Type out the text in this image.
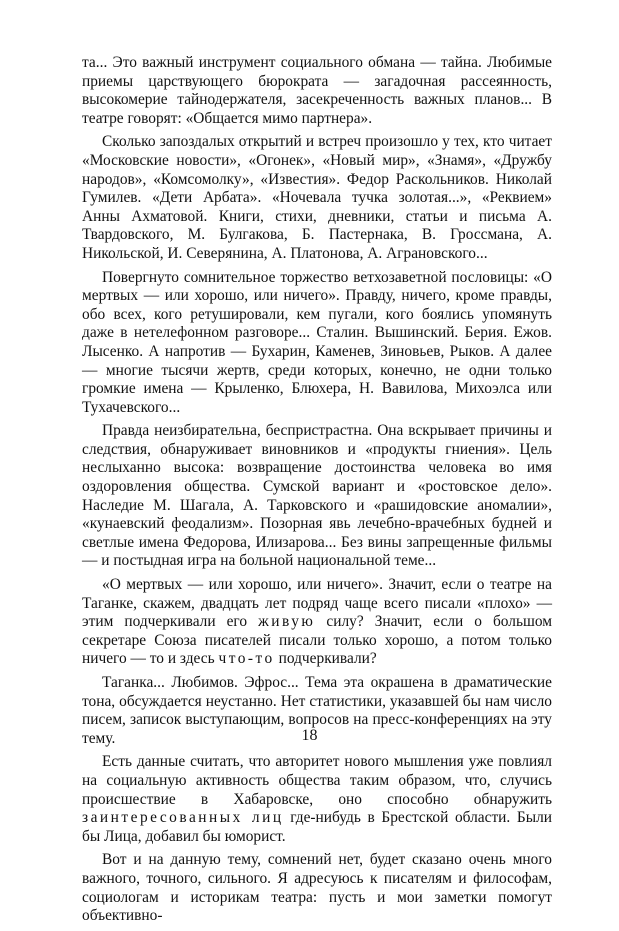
та... Это важный инструмент социального обмана — тайна. Любимые приемы царствующего бюрократа — загадочная рассеянность, высокомерие тайнодержателя, засекреченность важных планов... В театре говорят: «Общается мимо партнера».

Сколько запоздалых открытий и встреч произошло у тех, кто читает «Московские новости», «Огонек», «Новый мир», «Знамя», «Дружбу народов», «Комсомолку», «Известия». Федор Раскольников. Николай Гумилев. «Дети Арбата». «Ночевала тучка золотая...», «Реквием» Анны Ахматовой. Книги, стихи, дневники, статьи и письма А. Твардовского, М. Булгакова, Б. Пастернака, В. Гроссмана, А. Никольской, И. Северянина, А. Платонова, А. Аграновского...

Повергнуто сомнительное торжество ветхозаветной пословицы: «О мертвых — или хорошо, или ничего». Правду, ничего, кроме правды, обо всех, кого ретушировали, кем пугали, кого боялись упомянуть даже в нетелефонном разговоре... Сталин. Вышинский. Берия. Ежов. Лысенко. А напротив — Бухарин, Каменев, Зиновьев, Рыков. А далее — многие тысячи жертв, среди которых, конечно, не одни только громкие имена — Крыленко, Блюхера, Н. Вавилова, Михоэлса или Тухачевского...

Правда неизбирательна, беспристрастна. Она вскрывает причины и следствия, обнаруживает виновников и «продукты гниения». Цель неслыханно высока: возвращение достоинства человека во имя оздоровления общества. Сумской вариант и «ростовское дело». Наследие М. Шагала, А. Тарковского и «рашидовские аномалии», «кунаевский феодализм». Позорная явь лечебно-врачебных будней и светлые имена Федорова, Илизарова... Без вины запрещенные фильмы — и постыдная игра на больной национальной теме...

«О мертвых — или хорошо, или ничего». Значит, если о театре на Таганке, скажем, двадцать лет подряд чаще всего писали «плохо» — этим подчеркивали его живую силу? Значит, если о большом секретаре Союза писателей писали только хорошо, а потом только ничего — то и здесь что-то подчеркивали?

Таганка... Любимов. Эфрос... Тема эта окрашена в драматические тона, обсуждается неустанно. Нет статистики, указавшей бы нам число писем, записок выступающим, вопросов на пресс-конференциях на эту тему.

Есть данные считать, что авторитет нового мышления уже повлиял на социальную активность общества таким образом, что, случись происшествие в Хабаровске, оно способно обнаружить заинтересованных лиц где-нибудь в Брестской области. Были бы Лица, добавил бы юморист.

Вот и на данную тему, сомнений нет, будет сказано очень много важного, точного, сильного. Я адресуюсь к писателям и философам, социологам и историкам театра: пусть и мои заметки помогут объективно-

18
